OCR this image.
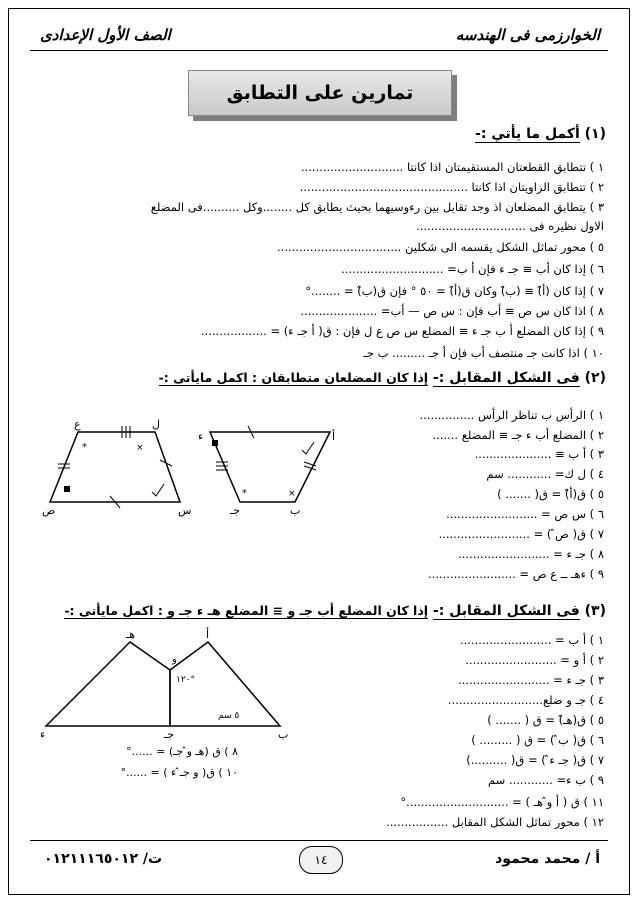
الصف الأول الإعدادى	الخوارزمى فى الهندسه
تمارين على التطابق
(١) أكمل ما يأتي :-
١ ) تتطابق القطعتان المستقيمتان اذا كانتا ............................
٢ ) تتطابق الزاويتان اذا كانتا ..............................................
٣ ) يتطابق المضلعان اذ وجد تقابل بين رءوسيهما بحيث يطابق كل ........وكل ..........فى المضلع
الاول نظيره فى ..............................
٥ ) محور تماثل الشكل يقسمه الى شكلين ..................................
٦ ) إذا كان أب ≡ جـ ء فإن أ ب= ............................
٧ ) إذا كان (أ̂) ≡ (ب̂) وكان ق(أ̂) = ٥٠ ° فإن ق(ب̂) = ........°
٨ ) اذا كان س ص ≡ أب فإن : س ص — أب= .....................
٩ ) إذا كان المضلع أ ب جـ ء ≡ المضلع س ص ع ل فإن : ق( أ جـ ء) = ..................
١٠ ) اذا كانت جـ منتصف أب فإن أ جـ ......... ب جـ
(٢) فى الشكل المقابل :- إذا كان المضلعان متطابقان : اكمل مايأتى :-
١ ) الرأس ب تناظر الرأس ...............
٢ ) المضلع أب ء جـ ≡ المضلع .......
٣ ) أ ب ≡ .....................
٤ ) ل ك= ............ سم
٥ ) ق(أ̂) = ق( ....... )
٦ ) س ص = .........................
٧ ) ق( ص̂ ) = .........................
٨ ) جـ ء = .........................
٩ ) ءهـ ــ ع ص = ........................
*	×
*	×
ع	ل
ص	س
ء	أ
جـ	ب
(٣) فى الشكل المقابل :- إذا كان المضلع أب جـ و ≡ المضلع هـ ء جـ و : اكمل مايأتى :-
١ ) أ ب = .........................
٢ ) أ و = .........................
٣ ) جـ ء = .........................
٤ ) جـ و ضلع..........................
٥ ) ق(هـ̂) = ق ( ....... )
٦ ) ق( ب̂ ) = ق ( ......... )
٧ ) ق( جـ ء̂ ) = ق( ..........)
٩ ) ب ء= ............ سم
١١ ) ق ( أ و̂ هـ ) = ............................°
١٢ ) محور تماثل الشكل المقابل .................
٨ ) ق (هـ و̂ جـ) = ......°
١٠ ) ق( و جـ̂ ء ) = ......°
هـ	أ
و
١٢٠°
٥ سم
ء	جـ	ب
ت/ ٠١٢١١١٦٥٠١٢	١٤	أ / محمد محمود
